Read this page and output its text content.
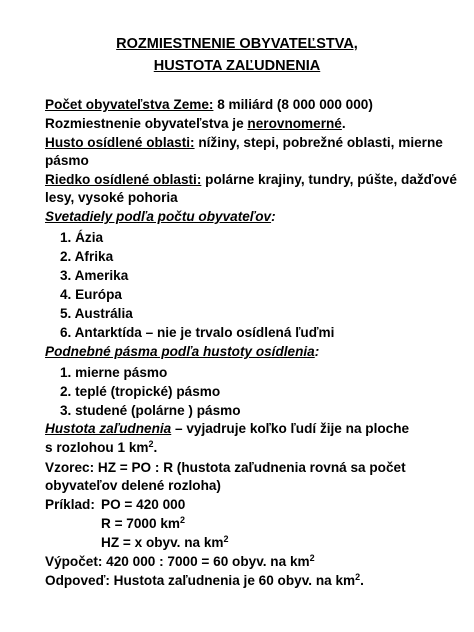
ROZMIESTNENIE OBYVATEĽSTVA,
HUSTOTA ZAĽUDNENIA
Počet obyvateľstva Zeme: 8 miliárd (8 000 000 000)
Rozmiestnenie obyvateľstva je nerovnomerné.
Husto osídlené oblasti: nížiny, stepi, pobrežné oblasti, mierne
pásmo
Riedko osídlené oblasti: polárne krajiny, tundry, púšte, dažďové
lesy, vysoké pohoria
Svetadiely podľa počtu obyvateľov:
1. Ázia
2. Afrika
3. Amerika
4. Európa
5. Austrália
6. Antarktída – nie je trvalo osídlená ľuďmi
Podnebné pásma podľa hustoty osídlenia:
1. mierne pásmo
2. teplé (tropické) pásmo
3. studené (polárne ) pásmo
Hustota zaľudnenia – vyjadruje koľko ľudí žije na ploche
s rozlohou 1 $km^2$.
Vzorec: HZ = PO : R (hustota zaľudnenia rovná sa počet
obyvateľov delené rozloha)
Príklad: PO = 420 000
R = 7000 $km^2$
HZ = x obyv. na $km^2$
Výpočet: 420 000 : 7000 = 60 obyv. na $km^2$
Odpoveď: Hustota zaľudnenia je 60 obyv. na $km^2$.
